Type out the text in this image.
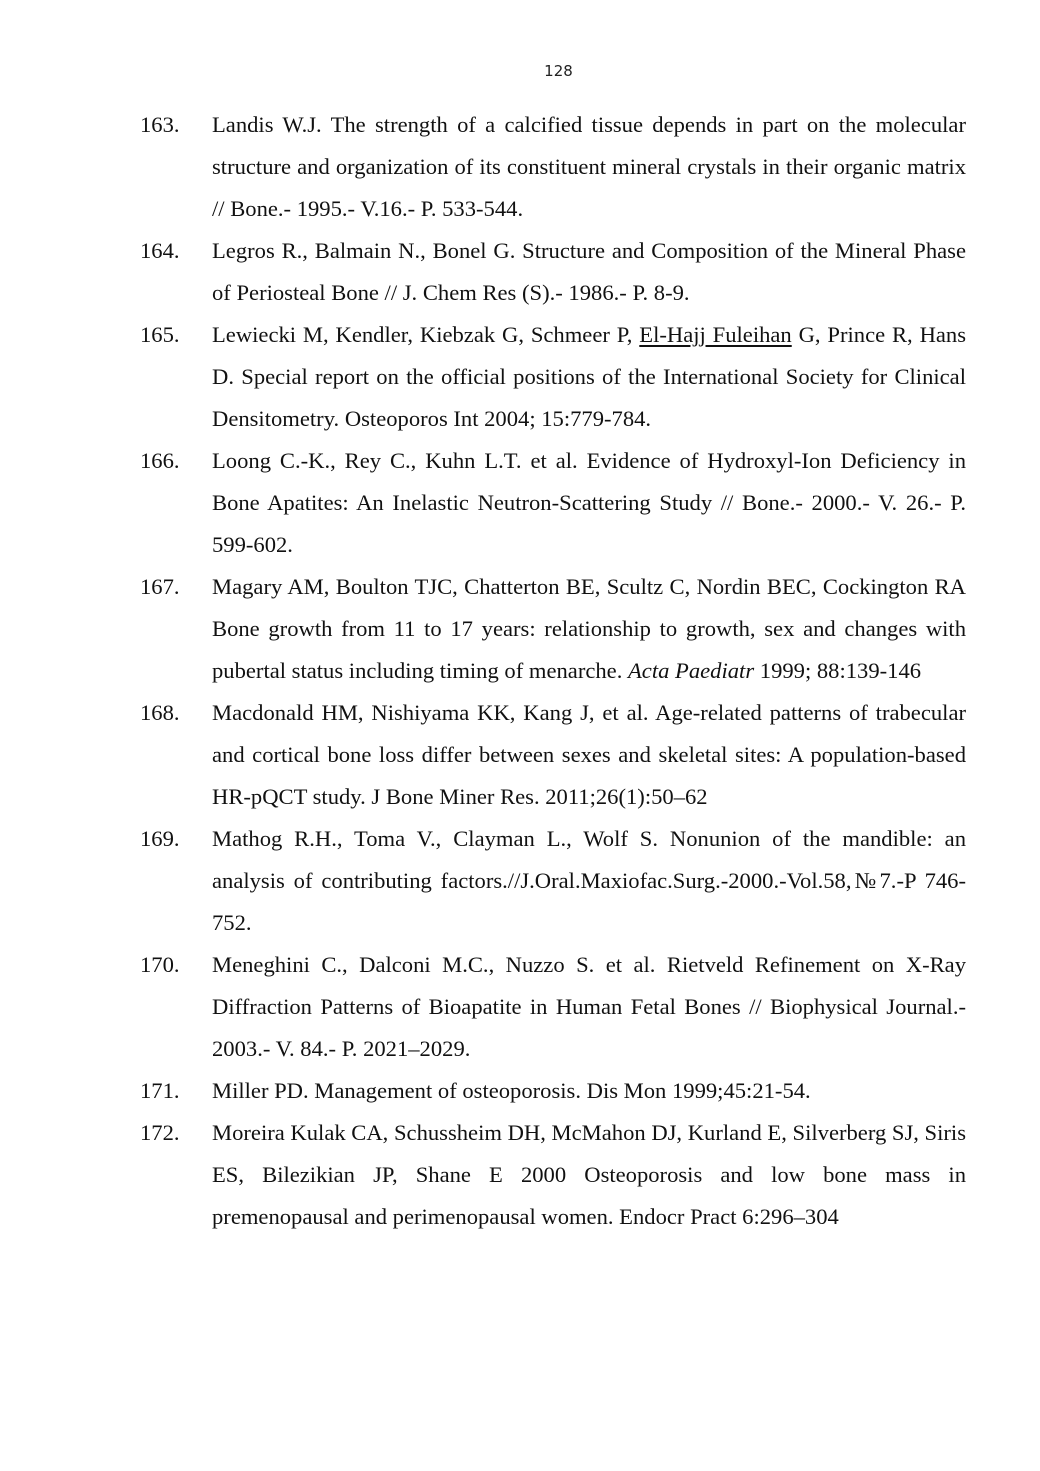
128
163.	Landis W.J. The strength of a calcified tissue depends in part on the molecular structure and organization of its constituent mineral crystals in their organic matrix // Bone.- 1995.- V.16.- P. 533-544.
164.	Legros R., Balmain N., Bonel G. Structure and Composition of the Mineral Phase of Periosteal Bone // J. Chem Res (S).- 1986.- P. 8-9.
165.	Lewiecki M, Kendler, Kiebzak G, Schmeer P, El-Hajj Fuleihan G, Prince R, Hans D. Special report on the official positions of the International Society for Clinical Densitometry. Osteoporos Int 2004; 15:779-784.
166.	Loong C.-K., Rey C., Kuhn L.T. et al. Evidence of Hydroxyl-Ion Deficiency in Bone Apatites: An Inelastic Neutron-Scattering Study // Bone.- 2000.- V. 26.- P. 599-602.
167.	Magary AM, Boulton TJC, Chatterton BE, Scultz C, Nordin BEC, Cockington RA Bone growth from 11 to 17 years: relationship to growth, sex and changes with pubertal status including timing of menarche. Acta Paediatr 1999; 88:139-146
168.	Macdonald HM, Nishiyama KK, Kang J, et al. Age-related patterns of trabecular and cortical bone loss differ between sexes and skeletal sites: A population-based HR-pQCT study. J Bone Miner Res. 2011;26(1):50–62
169.	Mathog R.H., Toma V., Clayman L., Wolf S. Nonunion of the mandible: an analysis of contributing factors.//J.Oral.Maxiofac.Surg.-2000.-Vol.58,№7.-P 746-752.
170.	Meneghini C., Dalconi M.C., Nuzzo S. et al. Rietveld Refinement on X-Ray Diffraction Patterns of Bioapatite in Human Fetal Bones // Biophysical Journal.- 2003.- V. 84.- P. 2021–2029.
171.	Miller PD. Management of osteoporosis. Dis Mon 1999;45:21-54.
172.	Moreira Kulak CA, Schussheim DH, McMahon DJ, Kurland E, Silverberg SJ, Siris ES, Bilezikian JP, Shane E 2000 Osteoporosis and low bone mass in premenopausal and perimenopausal women. Endocr Pract 6:296–304
